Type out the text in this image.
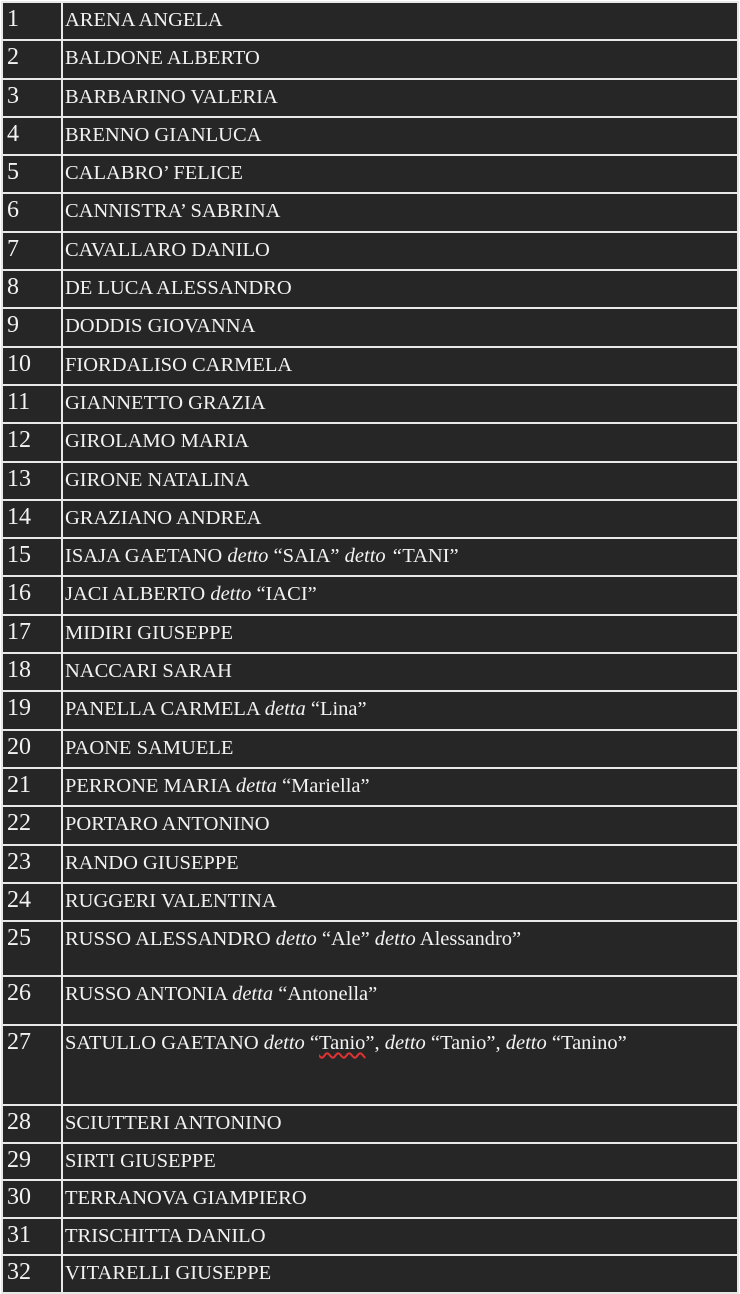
1	ARENA ANGELA
2	BALDONE ALBERTO
3	BARBARINO VALERIA
4	BRENNO GIANLUCA
5	CALABRO’ FELICE
6	CANNISTRA’ SABRINA
7	CAVALLARO DANILO
8	DE LUCA ALESSANDRO
9	DODDIS GIOVANNA
10	FIORDALISO CARMELA
11	GIANNETTO GRAZIA
12	GIROLAMO MARIA
13	GIRONE NATALINA
14	GRAZIANO ANDREA
15	ISAJA GAETANO detto “SAIA” detto “TANI”
16	JACI ALBERTO detto “IACI”
17	MIDIRI GIUSEPPE
18	NACCARI SARAH
19	PANELLA CARMELA detta “Lina”
20	PAONE SAMUELE
21	PERRONE MARIA detta “Mariella”
22	PORTARO ANTONINO
23	RANDO GIUSEPPE
24	RUGGERI VALENTINA
25	RUSSO ALESSANDRO detto “Ale” detto Alessandro”
26	RUSSO ANTONIA detta “Antonella”
27	SATULLO GAETANO detto “Tanio”, detto “Tanio”, detto “Tanino”
28	SCIUTTERI ANTONINO
29	SIRTI GIUSEPPE
30	TERRANOVA GIAMPIERO
31	TRISCHITTA DANILO
32	VITARELLI GIUSEPPE
